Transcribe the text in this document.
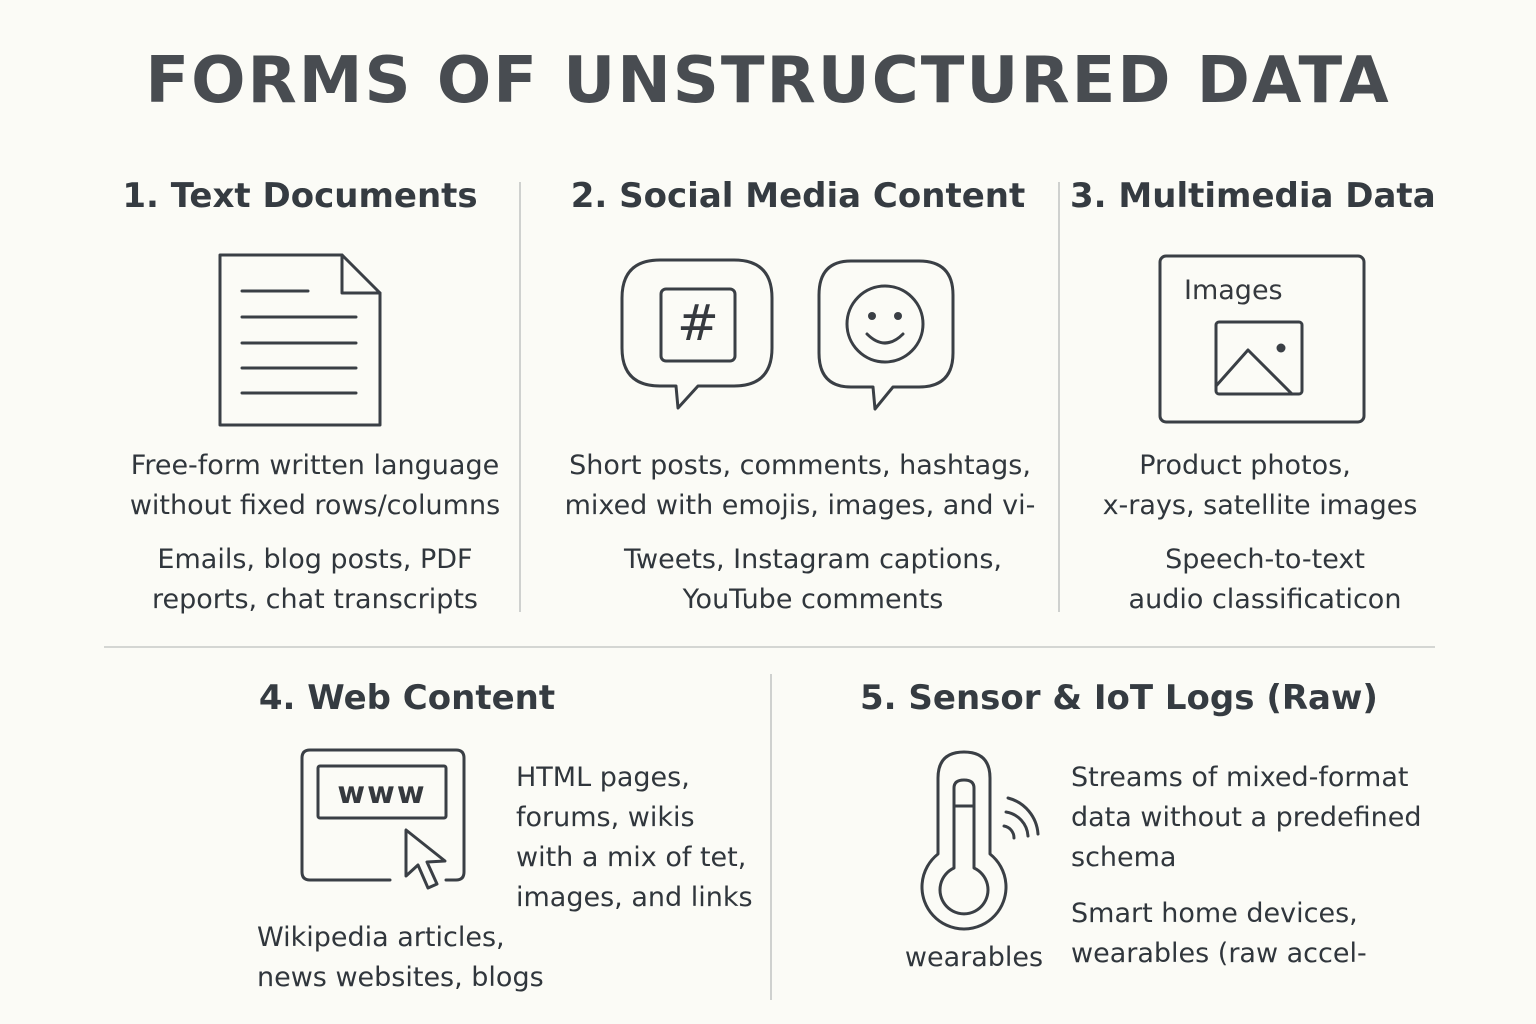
FORMS OF UNSTRUCTURED DATA
1. Text Documents
Free-form written language
without fixed rows/columns
Emails, blog posts, PDF
reports, chat transcripts
2. Social Media Content
#
Short posts, comments, hashtags,
mixed with emojis, images, and vi-
Tweets, Instagram captions,
YouTube comments
3. Multimedia Data
Images
Product photos,
x-rays, satellite images
Speech-to-text
audio classificaticon
4. Web Content
www	HTML pages,
forums, wikis
with a mix of tet,
images, and links
Wikipedia articles,
news websites, blogs
5. Sensor & IoT Logs (Raw)
wearables
Streams of mixed-format
data without a predefined
schema
Smart home devices,
wearables (raw accel-
